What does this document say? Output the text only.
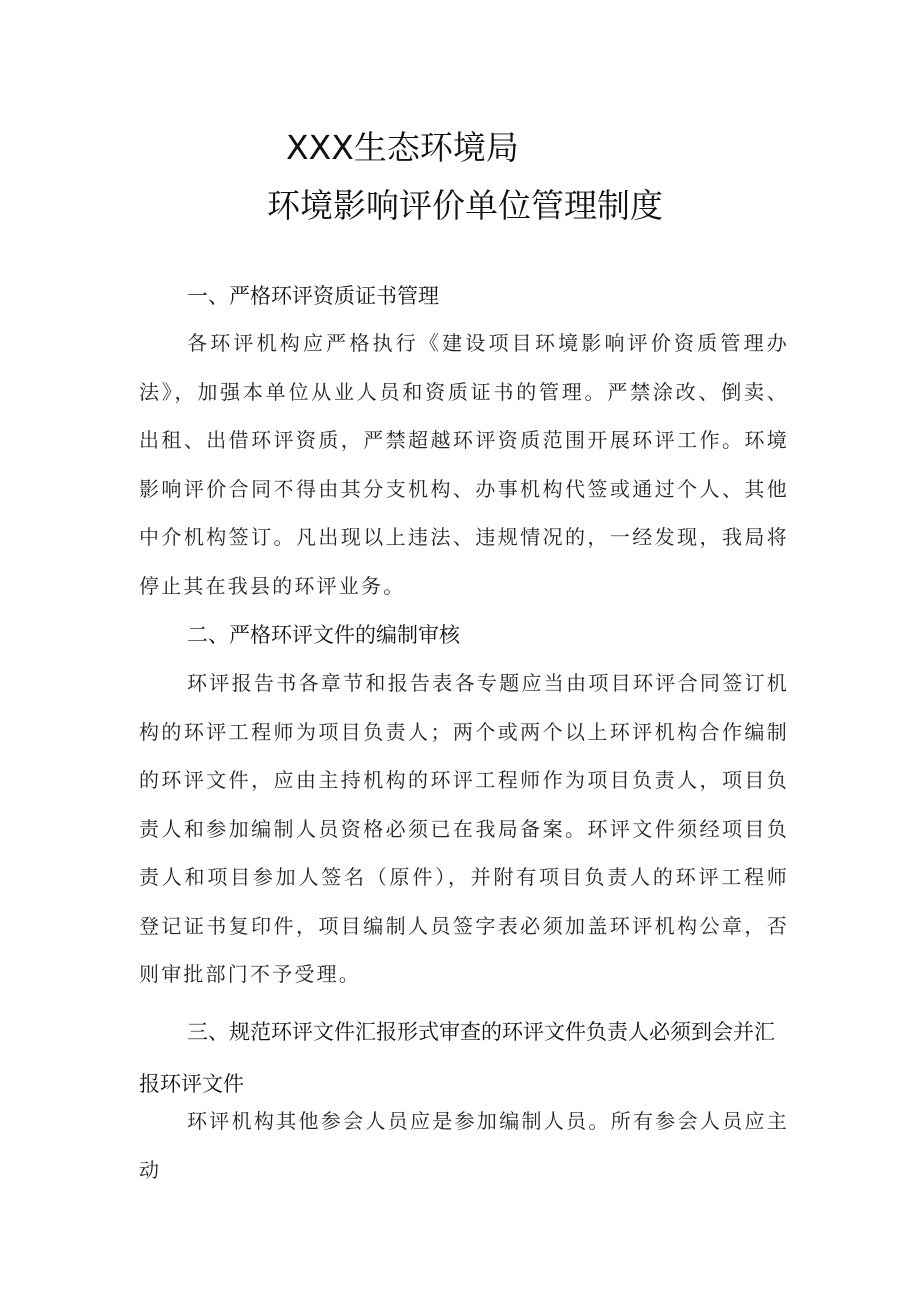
XXX生态环境局
环境影响评价单位管理制度
一、严格环评资质证书管理
各环评机构应严格执行《建设项目环境影响评价资质管理办法》，加强本单位从业人员和资质证书的管理。严禁涂改、倒卖、出租、出借环评资质，严禁超越环评资质范围开展环评工作。环境影响评价合同不得由其分支机构、办事机构代签或通过个人、其他中介机构签订。凡出现以上违法、违规情况的，一经发现，我局将停止其在我县的环评业务。
二、严格环评文件的编制审核
环评报告书各章节和报告表各专题应当由项目环评合同签订机构的环评工程师为项目负责人；两个或两个以上环评机构合作编制的环评文件，应由主持机构的环评工程师作为项目负责人，项目负责人和参加编制人员资格必须已在我局备案。环评文件须经项目负责人和项目参加人签名（原件），并附有项目负责人的环评工程师登记证书复印件，项目编制人员签字表必须加盖环评机构公章，否则审批部门不予受理。
三、规范环评文件汇报形式审查的环评文件负责人必须到会并汇报环评文件
环评机构其他参会人员应是参加编制人员。所有参会人员应主动
